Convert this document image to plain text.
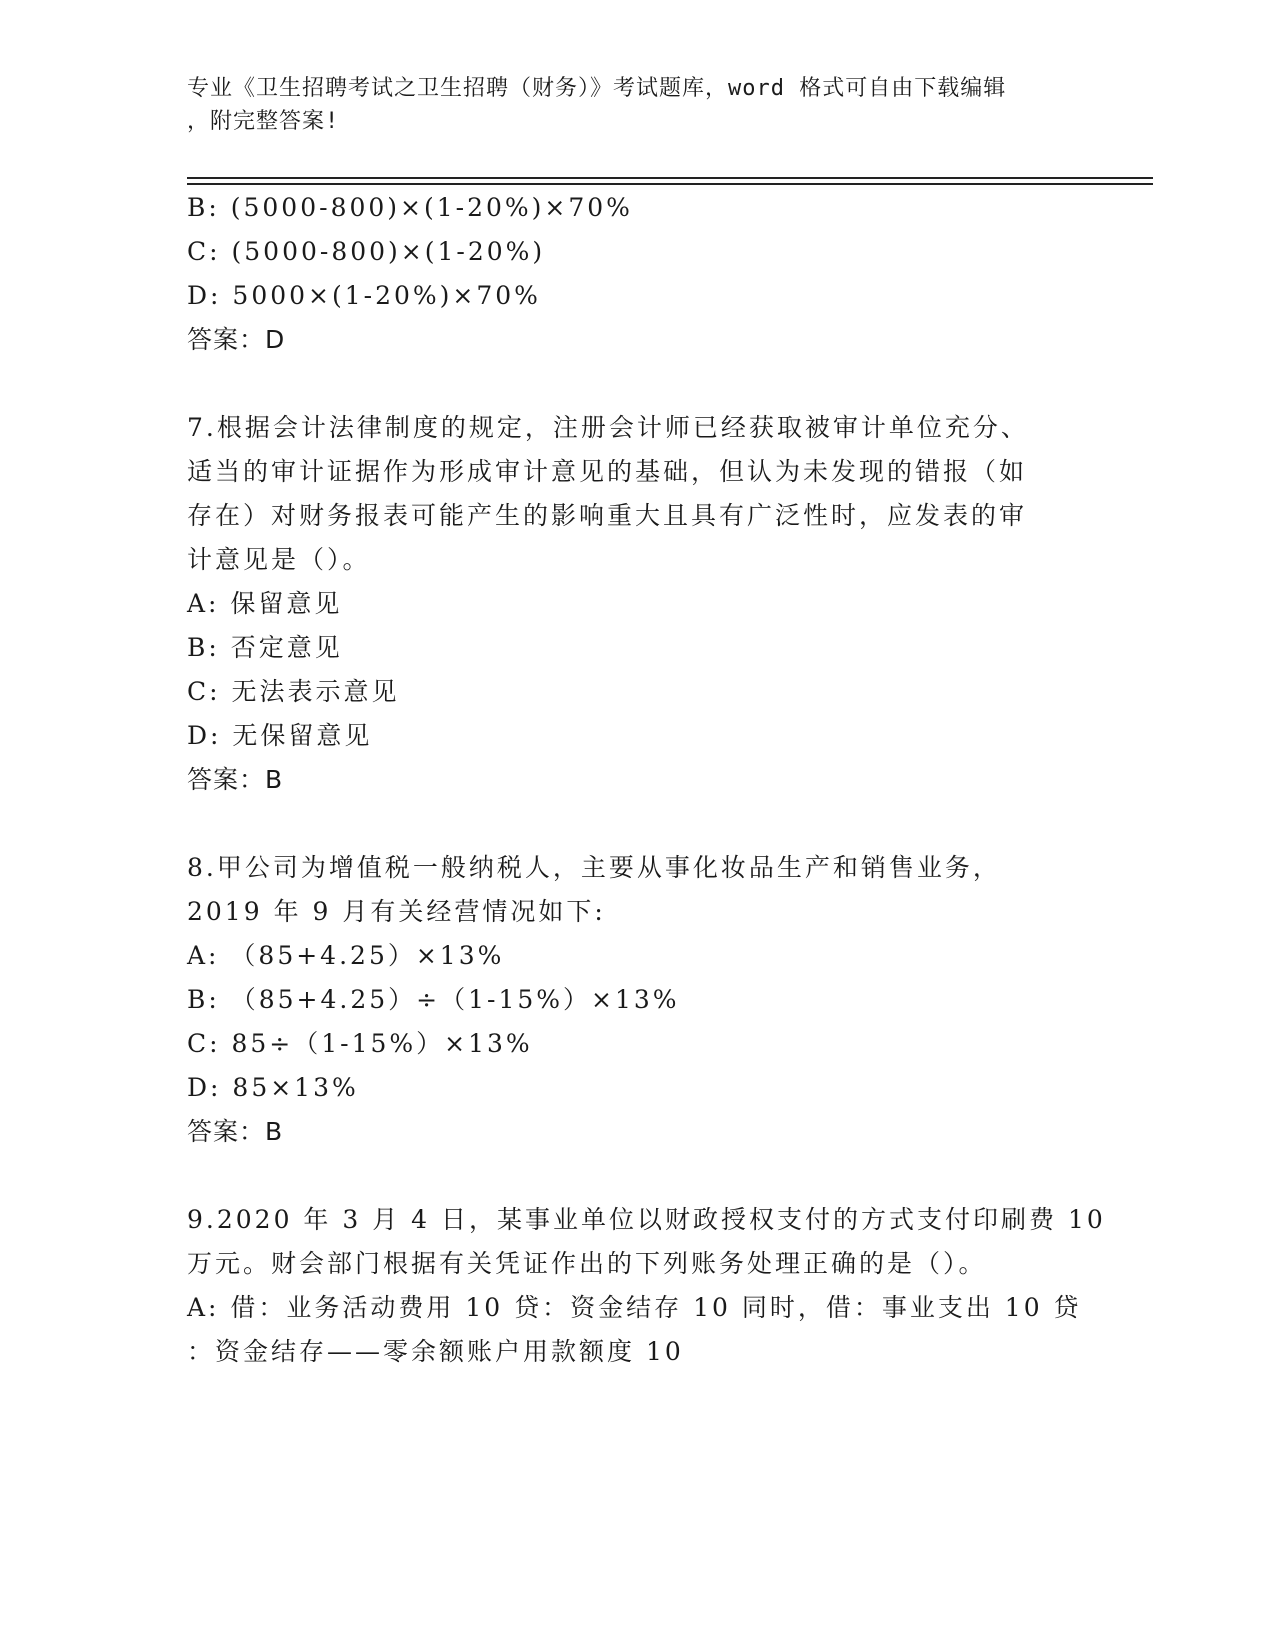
专业《卫生招聘考试之卫生招聘（财务）》考试题库，word 格式可自由下载编辑
，附完整答案!
B: (5000-800)×(1-20%)×70%
C: (5000-800)×(1-20%)
D: 5000×(1-20%)×70%
答案：D
7.根据会计法律制度的规定，注册会计师已经获取被审计单位充分、
适当的审计证据作为形成审计意见的基础，但认为未发现的错报（如
存在）对财务报表可能产生的影响重大且具有广泛性时，应发表的审
计意见是（）。
A: 保留意见
B: 否定意见
C: 无法表示意见
D: 无保留意见
答案：B
8.甲公司为增值税一般纳税人，主要从事化妆品生产和销售业务，
2019 年 9 月有关经营情况如下:
A: （85+4.25）×13%
B: （85+4.25）÷（1-15%）×13%
C: 85÷（1-15%）×13%
D: 85×13%
答案：B
9.2020 年 3 月 4 日，某事业单位以财政授权支付的方式支付印刷费 10
万元。财会部门根据有关凭证作出的下列账务处理正确的是（）。
A: 借：业务活动费用 10 贷：资金结存 10 同时，借：事业支出 10 贷
：资金结存——零余额账户用款额度 10
